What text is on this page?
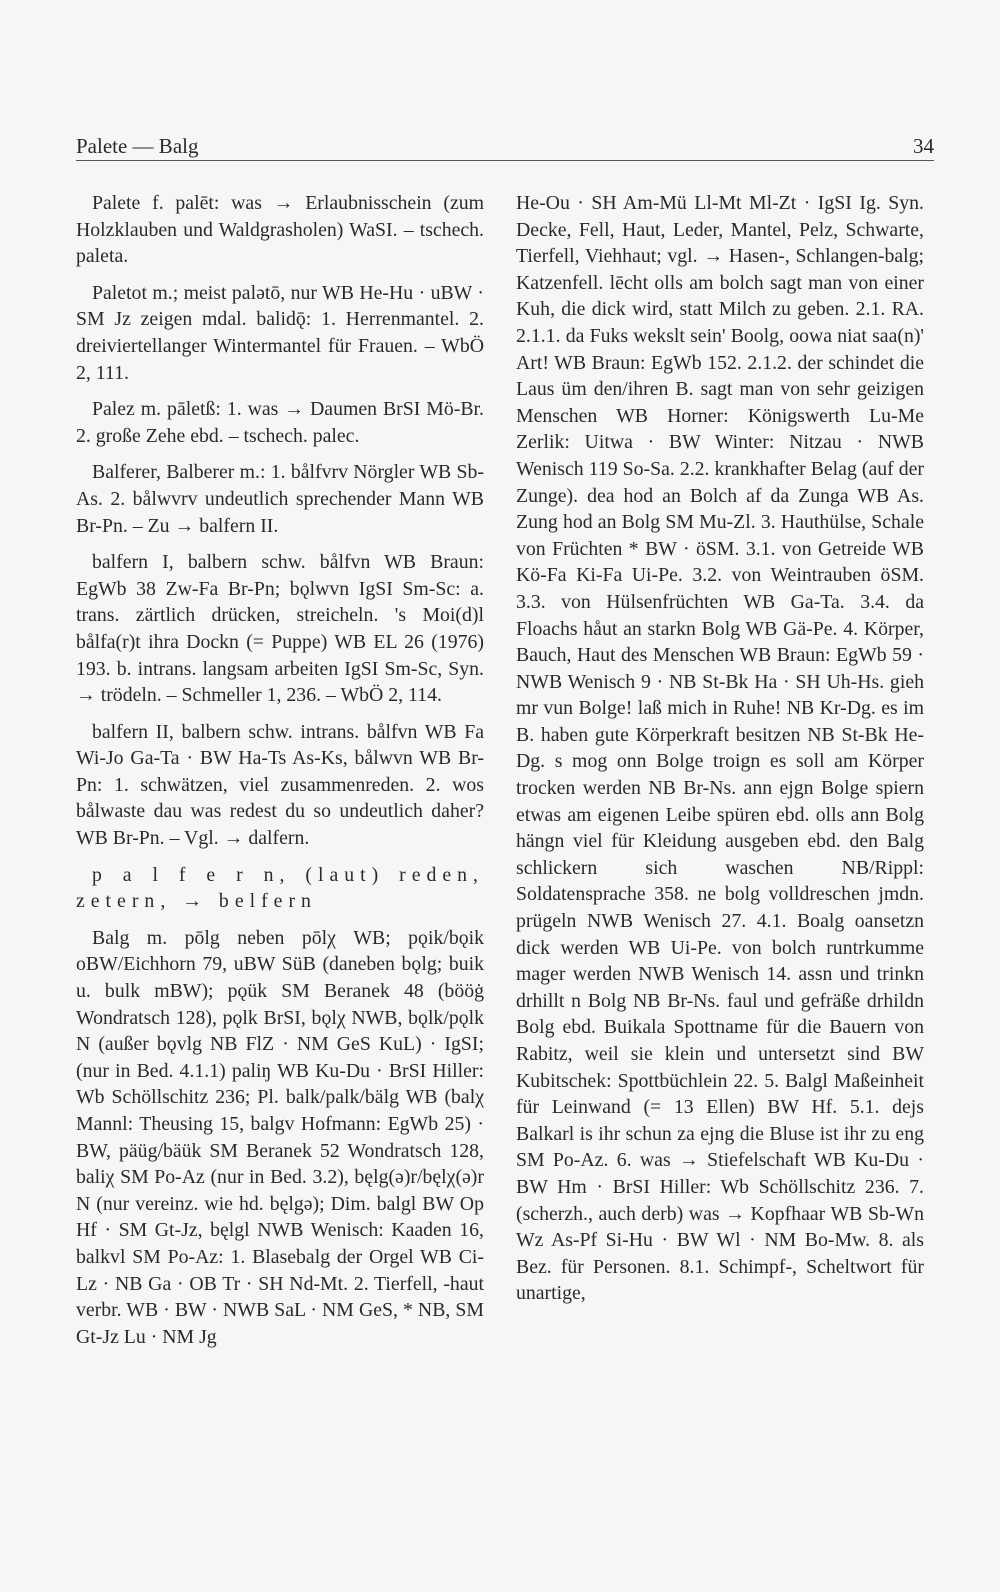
Palete — Balg	34

Palete f. palēt: was → Erlaubnisschein (zum Holzklauben und Waldgrasholen) WaSI. – tschech. paleta.

Paletot m.; meist palətō, nur WB He-Hu · uBW · SM Jz zeigen mdal. balidǭ: 1. Herrenmantel. 2. dreiviertellanger Wintermantel für Frauen. – WbÖ 2, 111.

Palez m. pāletß: 1. was → Daumen BrSI Mö-Br. 2. große Zehe ebd. – tschech. palec.

Balferer, Balberer m.: 1. bålfvrv Nörgler WB Sb-As. 2. bålwvrv undeutlich sprechender Mann WB Br-Pn. – Zu → balfern II.

balfern I, balbern schw. bålfvn WB Braun: EgWb 38 Zw-Fa Br-Pn; bǫlwvn IgSI Sm-Sc: a. trans. zärtlich drücken, streicheln. 's Moi(d)l bålfa(r)t ihra Dockn (= Puppe) WB EL 26 (1976) 193. b. intrans. langsam arbeiten IgSI Sm-Sc, Syn. → trödeln. – Schmeller 1, 236. – WbÖ 2, 114.

balfern II, balbern schw. intrans. bålfvn WB Fa Wi-Jo Ga-Ta · BW Ha-Ts As-Ks, bålwvn WB Br-Pn: 1. schwätzen, viel zusammenreden. 2. wos bålwaste dau was redest du so undeutlich daher? WB Br-Pn. – Vgl. → dalfern.

p a l f e r n, (laut) reden, zetern, → belfern

Balg m. pōlg neben pōlχ WB; pǫik/bǫik oBW/Eichhorn 79, uBW SüB (daneben bǫlg; buik u. bulk mBW); pǫük SM Beranek 48 (bööġ Wondratsch 128), pǫlk BrSI, bǫlχ NWB, bǫlk/pǫlk N (außer bǫvlg NB FlZ · NM GeS KuL) · IgSI; (nur in Bed. 4.1.1) paliŋ WB Ku-Du · BrSI Hiller: Wb Schöllschitz 236; Pl. balk/palk/bälg WB (balχ Mannl: Theusing 15, balgv Hofmann: EgWb 25) · BW, päüg/bäük SM Beranek 52 Wondratsch 128, baliχ SM Po-Az (nur in Bed. 3.2), bęlg(ə)r/bęlχ(ə)r N (nur vereinz. wie hd. bęlgə); Dim. balgl BW Op Hf · SM Gt-Jz, bęlgl NWB Wenisch: Kaaden 16, balkvl SM Po-Az: 1. Blasebalg der Orgel WB Ci-Lz · NB Ga · OB Tr · SH Nd-Mt. 2. Tierfell, -haut verbr. WB · BW · NWB SaL · NM GeS, * NB, SM Gt-Jz Lu · NM Jg

He-Ou · SH Am-Mü Ll-Mt Ml-Zt · IgSI Ig. Syn. Decke, Fell, Haut, Leder, Mantel, Pelz, Schwarte, Tierfell, Viehhaut; vgl. → Hasen-, Schlangen-balg; Katzenfell. lēcht olls am bolch sagt man von einer Kuh, die dick wird, statt Milch zu geben. 2.1. RA. 2.1.1. da Fuks wekslt sein' Boolg, oowa niat saa(n)' Art! WB Braun: EgWb 152. 2.1.2. der schindet die Laus üm den/ihren B. sagt man von sehr geizigen Menschen WB Horner: Königswerth Lu-Me Zerlik: Uitwa · BW Winter: Nitzau · NWB Wenisch 119 So-Sa. 2.2. krankhafter Belag (auf der Zunge). dea hod an Bolch af da Zunga WB As. Zung hod an Bolg SM Mu-Zl. 3. Hauthülse, Schale von Früchten * BW · öSM. 3.1. von Getreide WB Kö-Fa Ki-Fa Ui-Pe. 3.2. von Weintrauben öSM. 3.3. von Hülsenfrüchten WB Ga-Ta. 3.4. da Floachs håut an starkn Bolg WB Gä-Pe. 4. Körper, Bauch, Haut des Menschen WB Braun: EgWb 59 · NWB Wenisch 9 · NB St-Bk Ha · SH Uh-Hs. gieh mr vun Bolge! laß mich in Ruhe! NB Kr-Dg. es im B. haben gute Körperkraft besitzen NB St-Bk He-Dg. s mog onn Bolge troign es soll am Körper trocken werden NB Br-Ns. ann ejgn Bolge spiern etwas am eigenen Leibe spüren ebd. olls ann Bolg hängn viel für Kleidung ausgeben ebd. den Balg schlickern sich waschen NB/Rippl: Soldatensprache 358. ne bolg volldreschen jmdn. prügeln NWB Wenisch 27. 4.1. Boalg oansetzn dick werden WB Ui-Pe. von bolch runtrkumme mager werden NWB Wenisch 14. assn und trinkn drhillt n Bolg NB Br-Ns. faul und gefräße drhildn Bolg ebd. Buikala Spottname für die Bauern von Rabitz, weil sie klein und untersetzt sind BW Kubitschek: Spottbüchlein 22. 5. Balgl Maßeinheit für Leinwand (= 13 Ellen) BW Hf. 5.1. dejs Balkarl is ihr schun za ejng die Bluse ist ihr zu eng SM Po-Az. 6. was → Stiefelschaft WB Ku-Du · BW Hm · BrSI Hiller: Wb Schöllschitz 236. 7. (scherzh., auch derb) was → Kopfhaar WB Sb-Wn Wz As-Pf Si-Hu · BW Wl · NM Bo-Mw. 8. als Bez. für Personen. 8.1. Schimpf-, Scheltwort für unartige,
